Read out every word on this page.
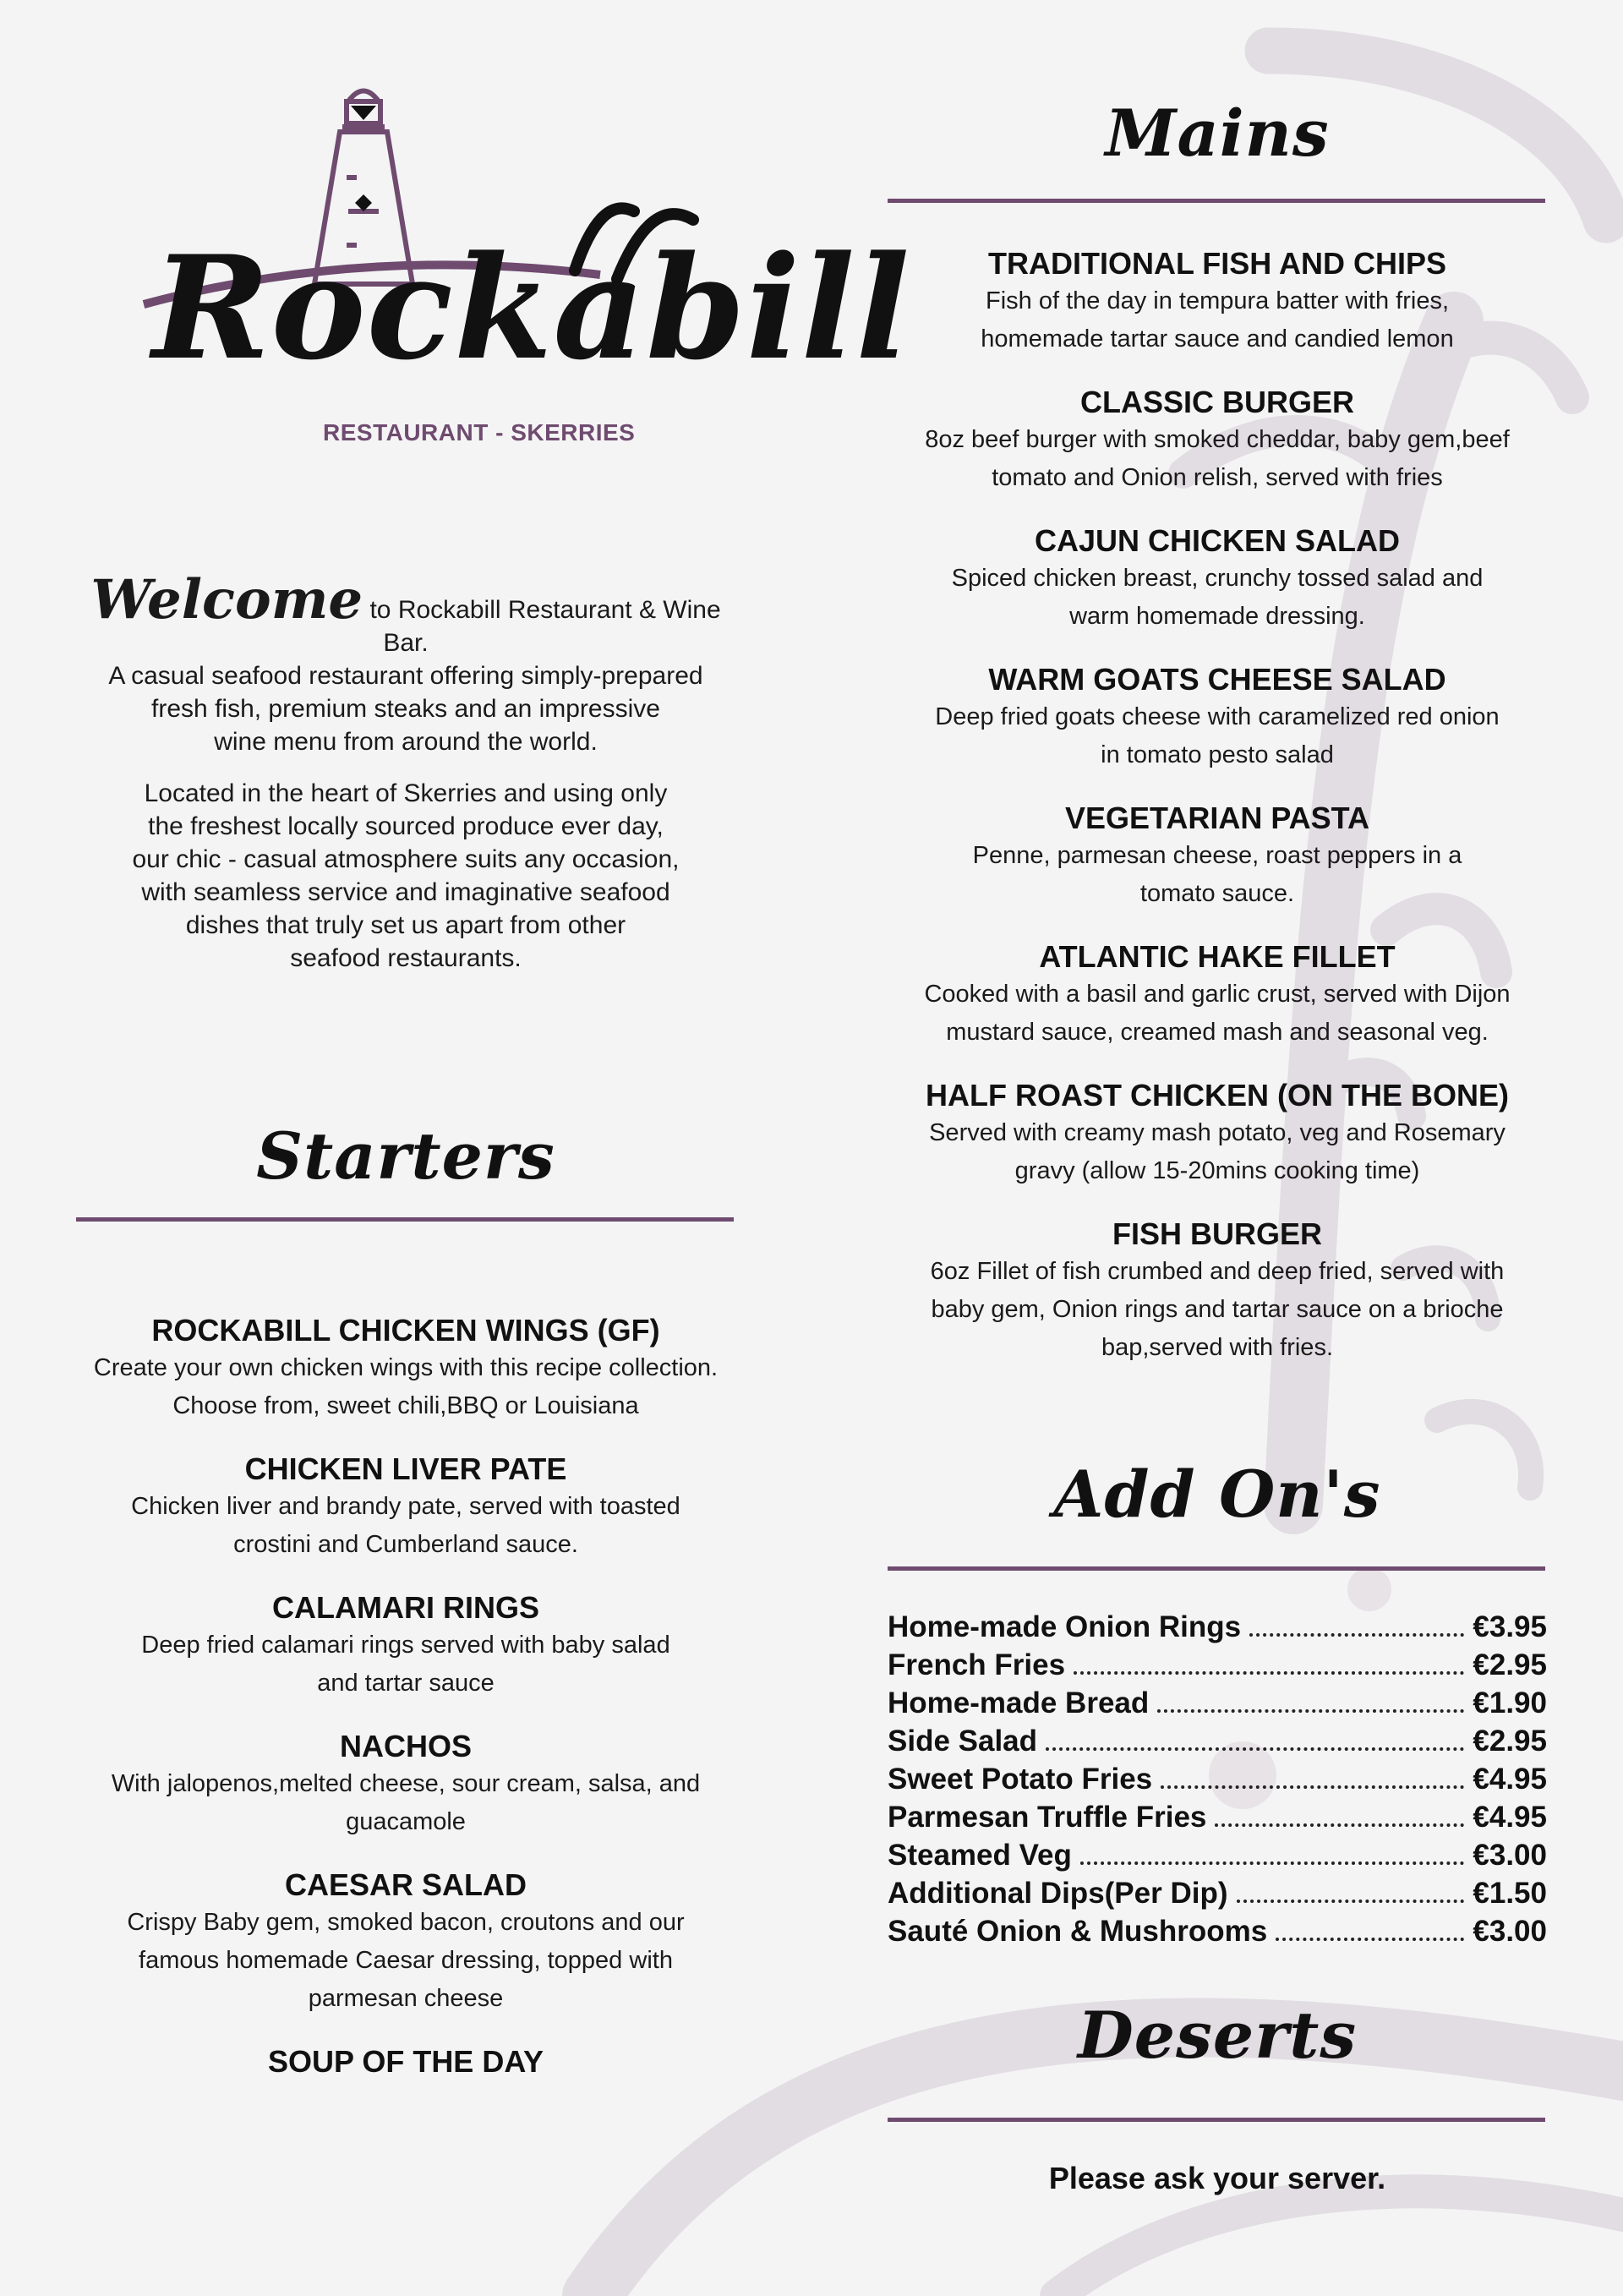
Rockabill
RESTAURANT - SKERRIES

Welcome to Rockabill Restaurant & Wine Bar.
A casual seafood restaurant offering simply-prepared
fresh fish, premium steaks and an impressive
wine menu from around the world.

Located in the heart of Skerries and using only
the freshest locally sourced produce ever day,
our chic - casual atmosphere suits any occasion,
with seamless service and imaginative seafood
dishes that truly set us apart from other
seafood restaurants.

Starters
ROCKABILL CHICKEN WINGS (GF)
Create your own chicken wings with this recipe collection.
Choose from, sweet chili,BBQ or Louisiana
CHICKEN LIVER PATE
Chicken liver and brandy pate, served with toasted
crostini and Cumberland sauce.
CALAMARI RINGS
Deep fried calamari rings served with baby salad
and tartar sauce
NACHOS
With jalopenos,melted cheese, sour cream, salsa, and
guacamole
CAESAR SALAD
Crispy Baby gem, smoked bacon, croutons and our
famous homemade Caesar dressing, topped with
parmesan cheese
SOUP OF THE DAY
Mains
TRADITIONAL FISH AND CHIPS
Fish of the day in tempura batter with fries,
homemade tartar sauce and candied lemon
CLASSIC BURGER
8oz beef burger with smoked cheddar, baby gem,beef
tomato and Onion relish, served with fries
CAJUN CHICKEN SALAD
Spiced chicken breast, crunchy tossed salad and
warm homemade dressing.
WARM GOATS CHEESE SALAD
Deep fried goats cheese with caramelized red onion
in tomato pesto salad
VEGETARIAN PASTA
Penne, parmesan cheese, roast peppers in a
tomato sauce.
ATLANTIC HAKE FILLET
Cooked with a basil and garlic crust, served with Dijon
mustard sauce, creamed mash and seasonal veg.
HALF ROAST CHICKEN (ON THE BONE)
Served with creamy mash potato, veg and Rosemary
gravy (allow 15-20mins cooking time)
FISH BURGER
6oz Fillet of fish crumbed and deep fried, served with
baby gem, Onion rings and tartar sauce on a brioche
bap,served with fries.
Add On's
Home-made Onion Rings	€3.95
French Fries	€2.95
Home-made Bread	€1.90
Side Salad	€2.95
Sweet Potato Fries	€4.95
Parmesan Truffle Fries	€4.95
Steamed Veg	€3.00
Additional Dips(Per Dip)	€1.50
Sauté Onion & Mushrooms	€3.00
Deserts
Please ask your server.
